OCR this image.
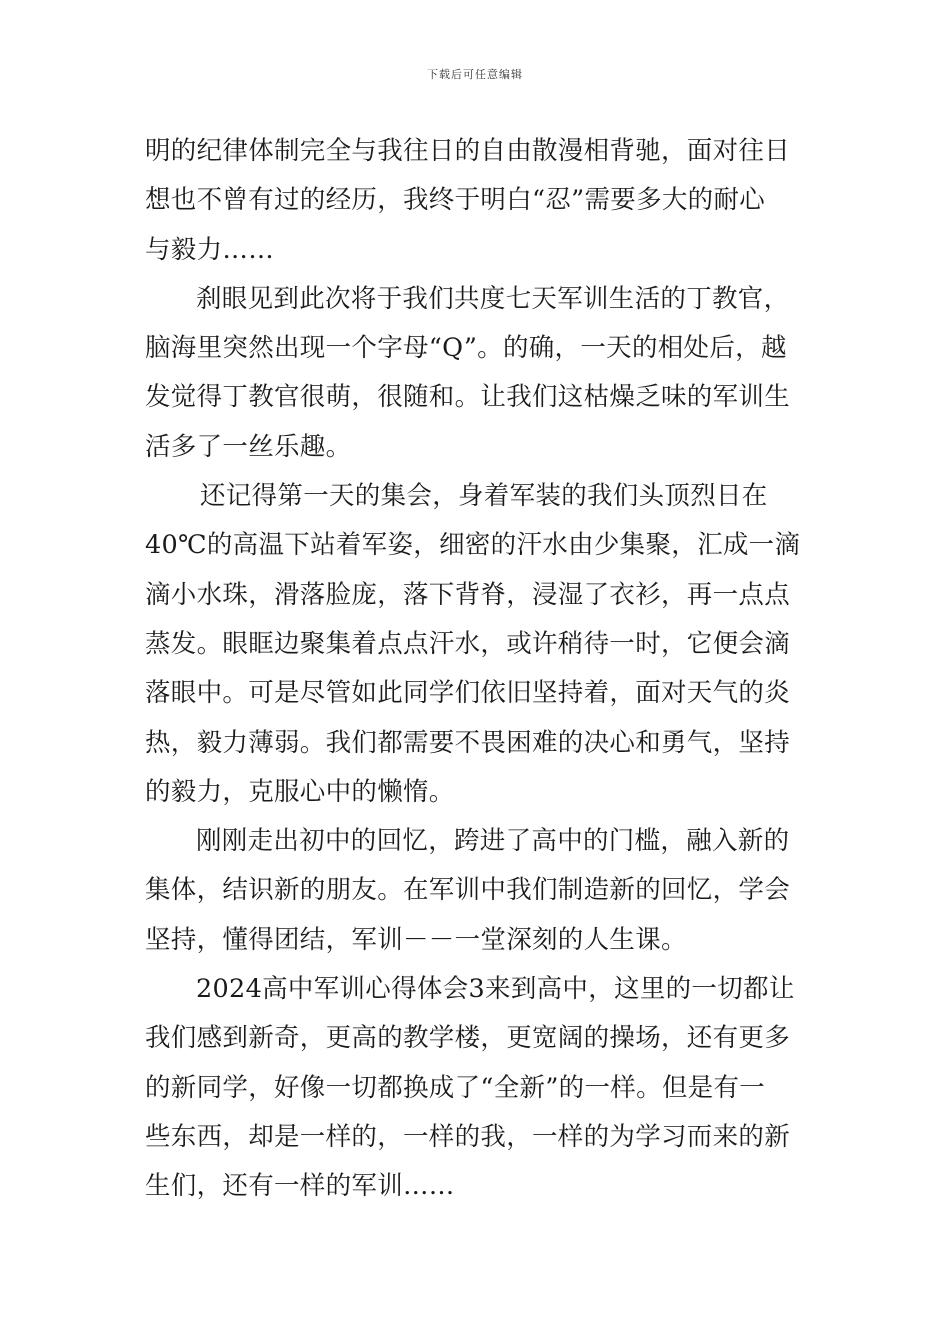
下载后可任意编辑
明的纪律体制完全与我往日的自由散漫相背驰，面对往日
想也不曾有过的经历，我终于明白“忍”需要多大的耐心
与毅力……
刹眼见到此次将于我们共度七天军训生活的丁教官，
脑海里突然出现一个字母“Q”。的确，一天的相处后，越
发觉得丁教官很萌，很随和。让我们这枯燥乏味的军训生
活多了一丝乐趣。
还记得第一天的集会，身着军装的我们头顶烈日在
40℃的高温下站着军姿，细密的汗水由少集聚，汇成一滴
滴小水珠，滑落脸庞，落下背脊，浸湿了衣衫，再一点点
蒸发。眼眶边聚集着点点汗水，或许稍待一时，它便会滴
落眼中。可是尽管如此同学们依旧坚持着，面对天气的炎
热，毅力薄弱。我们都需要不畏困难的决心和勇气，坚持
的毅力，克服心中的懒惰。
刚刚走出初中的回忆，跨进了高中的门槛，融入新的
集体，结识新的朋友。在军训中我们制造新的回忆，学会
坚持，懂得团结，军训－－一堂深刻的人生课。
2024高中军训心得体会3来到高中，这里的一切都让
我们感到新奇，更高的教学楼，更宽阔的操场，还有更多
的新同学，好像一切都换成了“全新”的一样。但是有一
些东西，却是一样的，一样的我，一样的为学习而来的新
生们，还有一样的军训……
